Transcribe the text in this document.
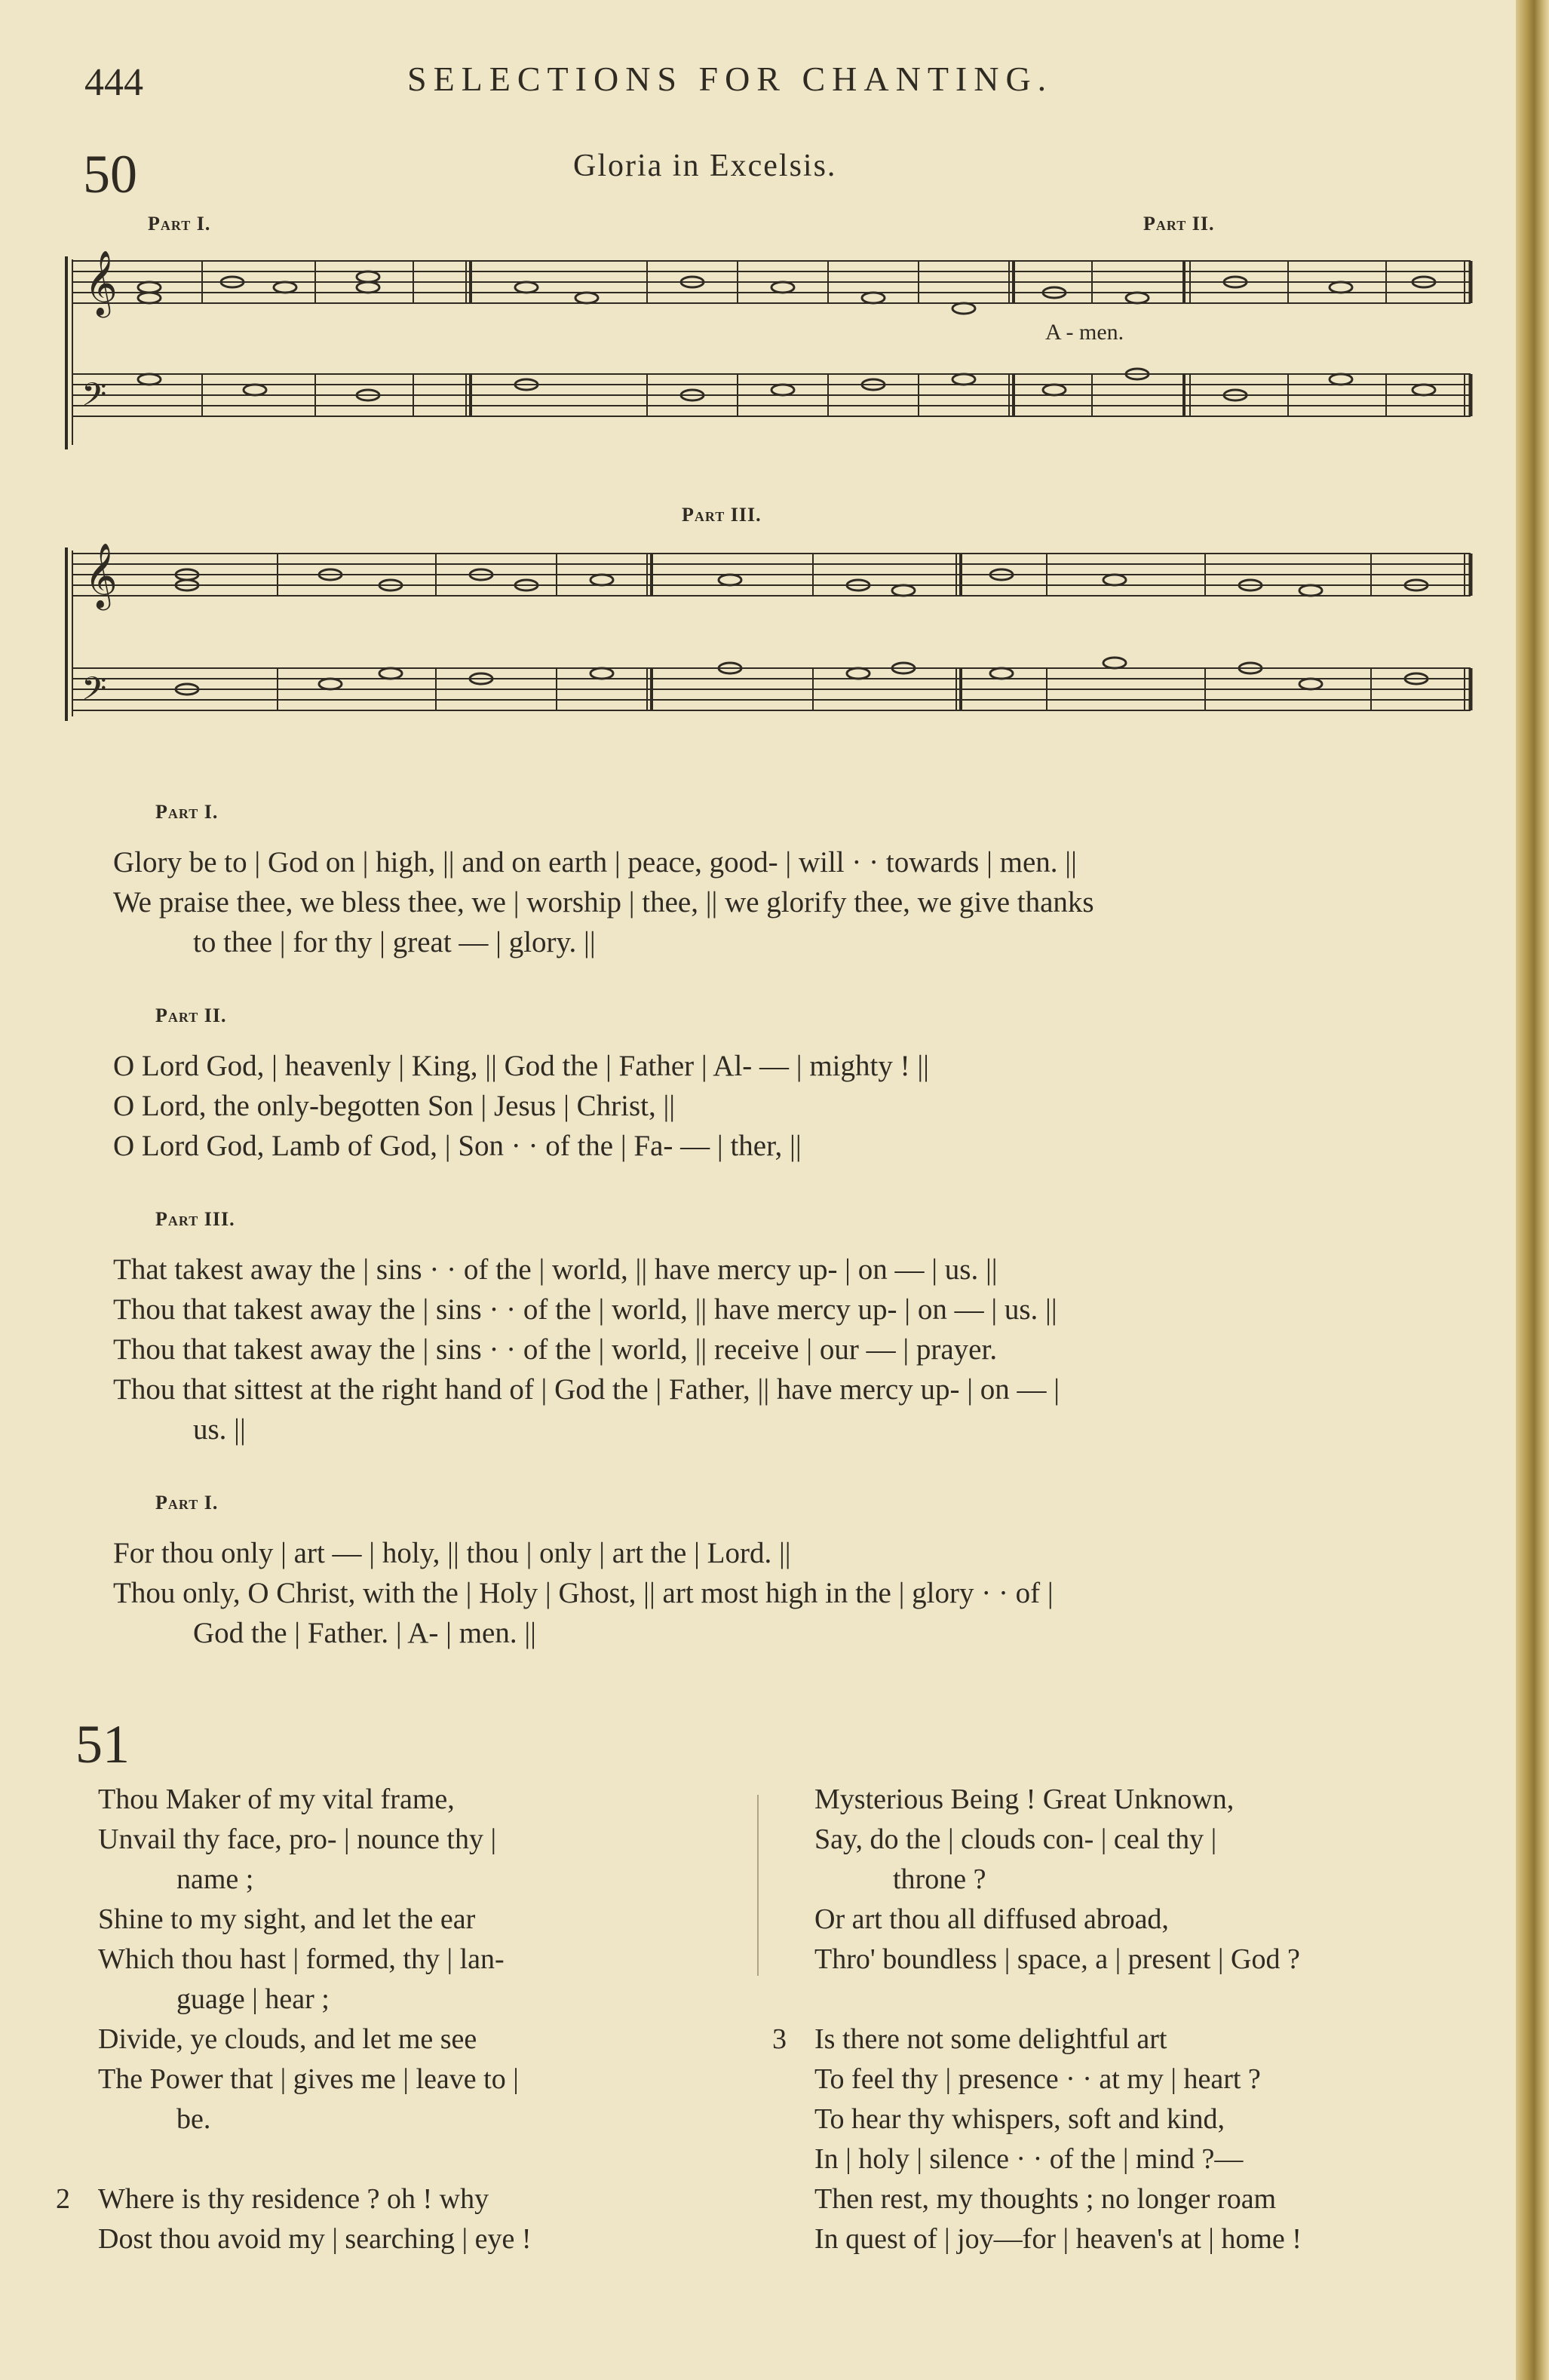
444	SELECTIONS FOR CHANTING.
50	Gloria in Excelsis.
Part I.	Part II.
𝄞
𝄢
A - men.
Part III.
𝄞
𝄢
Part I.
Glory be to | God on | high, || and on earth | peace, good- | will · · towards | men. ||
We praise thee, we bless thee, we | worship | thee, || we glorify thee, we give thanks
to thee | for thy | great — | glory. ||
Part II.
O Lord God, | heavenly | King, || God the | Father | Al- — | mighty ! ||
O Lord, the only-begotten Son | Jesus | Christ, ||
O Lord God, Lamb of God, | Son · · of the | Fa- — | ther, ||
Part III.
That takest away the | sins · · of the | world, || have mercy up- | on — | us. ||
Thou that takest away the | sins · · of the | world, || have mercy up- | on — | us. ||
Thou that takest away the | sins · · of the | world, || receive | our — | prayer.
Thou that sittest at the right hand of | God the | Father, || have mercy up- | on — |
us. ||
Part I.
For thou only | art — | holy, || thou | only | art the | Lord. ||
Thou only, O Christ, with the | Holy | Ghost, || art most high in the | glory · · of |
God the | Father. | A- | men. ||
51
Thou Maker of my vital frame,
Unvail thy face, pro- | nounce thy |
name ;
Shine to my sight, and let the ear
Which thou hast | formed, thy | lan-
guage | hear ;
Divide, ye clouds, and let me see
The Power that | gives me | leave to |
be.
2 Where is thy residence ? oh ! why
Dost thou avoid my | searching | eye !
Mysterious Being ! Great Unknown,
Say, do the | clouds con- | ceal thy |
throne ?
Or art thou all diffused abroad,
Thro' boundless | space, a | present | God ?
3 Is there not some delightful art
To feel thy | presence · · at my | heart ?
To hear thy whispers, soft and kind,
In | holy | silence · · of the | mind ?—
Then rest, my thoughts ; no longer roam
In quest of | joy—for | heaven's at | home !
